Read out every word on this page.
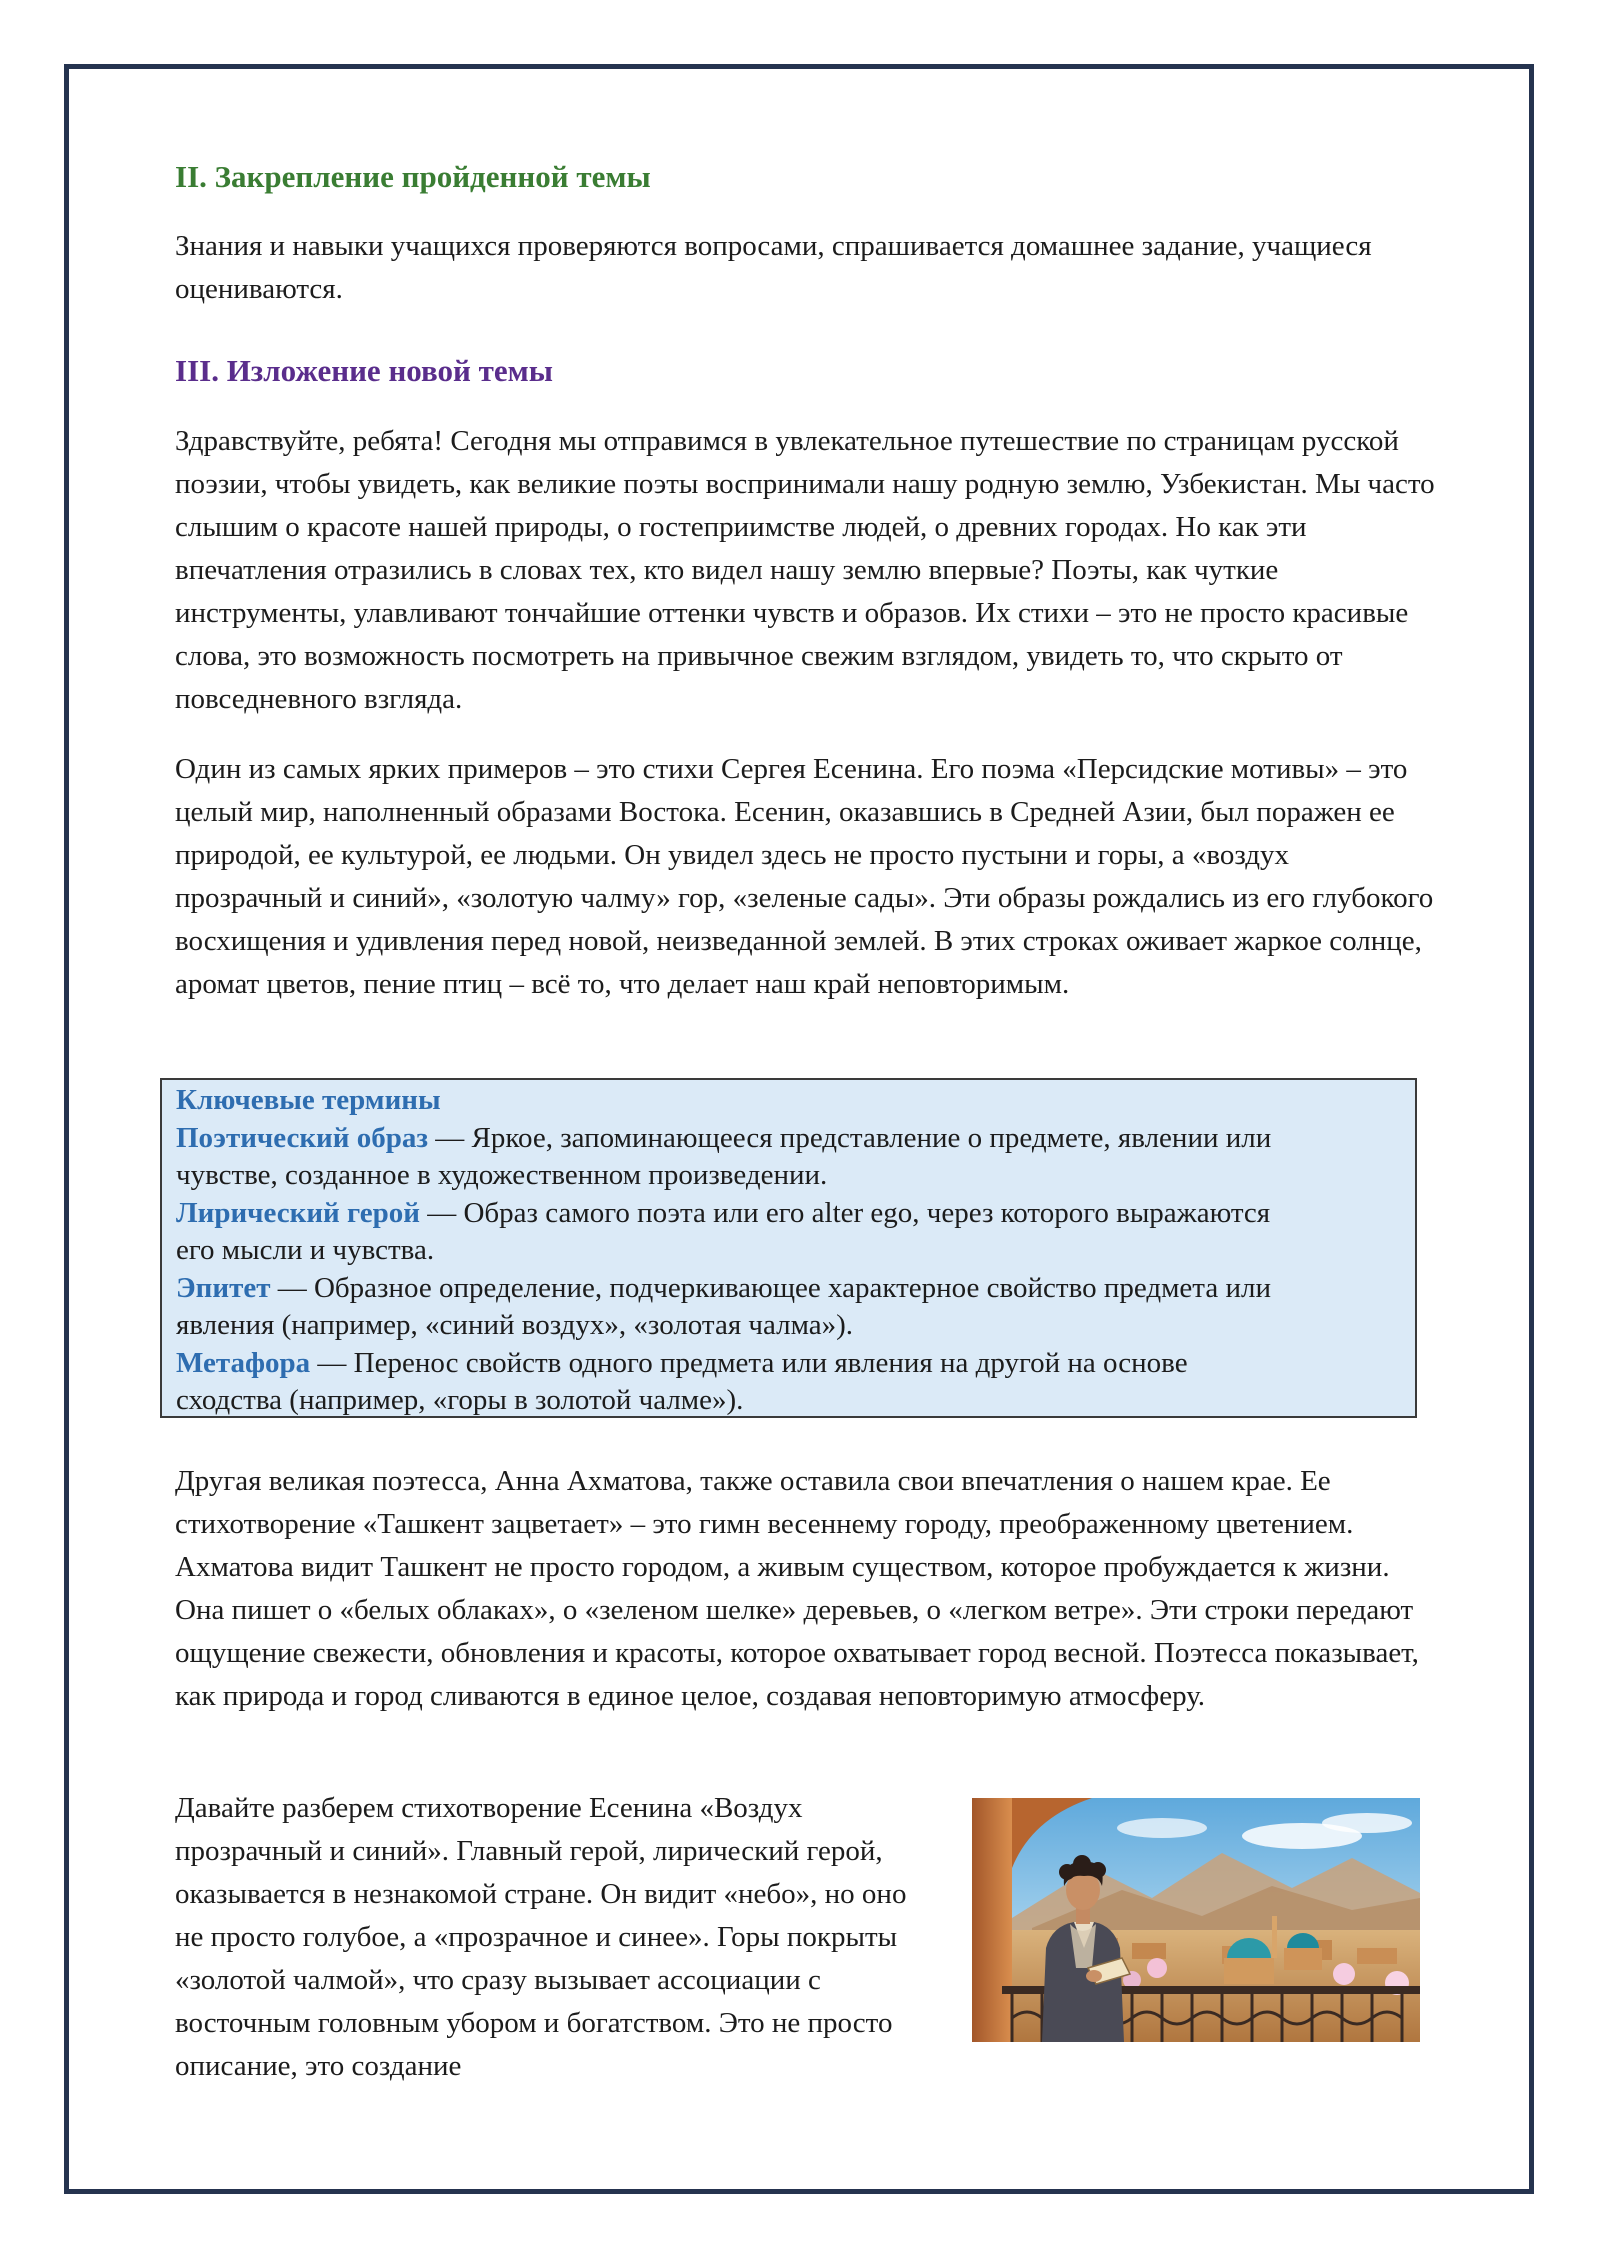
II. Закрепление пройденной темы

Знания и навыки учащихся проверяются вопросами, спрашивается домашнее задание, учащиеся оцениваются.

III. Изложение новой темы

Здравствуйте, ребята! Сегодня мы отправимся в увлекательное путешествие по страницам русской поэзии, чтобы увидеть, как великие поэты воспринимали нашу родную землю, Узбекистан. Мы часто слышим о красоте нашей природы, о гостеприимстве людей, о древних городах. Но как эти впечатления отразились в словах тех, кто видел нашу землю впервые? Поэты, как чуткие инструменты, улавливают тончайшие оттенки чувств и образов. Их стихи – это не просто красивые слова, это возможность посмотреть на привычное свежим взглядом, увидеть то, что скрыто от повседневного взгляда.

Один из самых ярких примеров – это стихи Сергея Есенина. Его поэма «Персидские мотивы» – это целый мир, наполненный образами Востока. Есенин, оказавшись в Средней Азии, был поражен ее природой, ее культурой, ее людьми. Он увидел здесь не просто пустыни и горы, а «воздух прозрачный и синий», «золотую чалму» гор, «зеленые сады». Эти образы рождались из его глубокого восхищения и удивления перед новой, неизведанной землей. В этих строках оживает жаркое солнце, аромат цветов, пение птиц – всё то, что делает наш край неповторимым.

Ключевые термины
Поэтический образ — Яркое, запоминающееся представление о предмете, явлении или
чувстве, созданное в художественном произведении.
Лирический герой — Образ самого поэта или его alter ego, через которого выражаются
его мысли и чувства.
Эпитет — Образное определение, подчеркивающее характерное свойство предмета или
явления (например, «синий воздух», «золотая чалма»).
Метафора — Перенос свойств одного предмета или явления на другой на основе
сходства (например, «горы в золотой чалме»).

Другая великая поэтесса, Анна Ахматова, также оставила свои впечатления о нашем крае. Ее стихотворение «Ташкент зацветает» – это гимн весеннему городу, преображенному цветением. Ахматова видит Ташкент не просто городом, а живым существом, которое пробуждается к жизни. Она пишет о «белых облаках», о «зеленом шелке» деревьев, о «легком ветре». Эти строки передают ощущение свежести, обновления и красоты, которое охватывает город весной. Поэтесса показывает, как природа и город сливаются в единое целое, создавая неповторимую атмосферу.

Давайте разберем стихотворение Есенина «Воздух прозрачный и синий». Главный герой, лирический герой, оказывается в незнакомой стране. Он видит «небо», но оно не просто голубое, а «прозрачное и синее». Горы покрыты «золотой чалмой», что сразу вызывает ассоциации с восточным головным убором и богатством. Это не просто описание, это создание
